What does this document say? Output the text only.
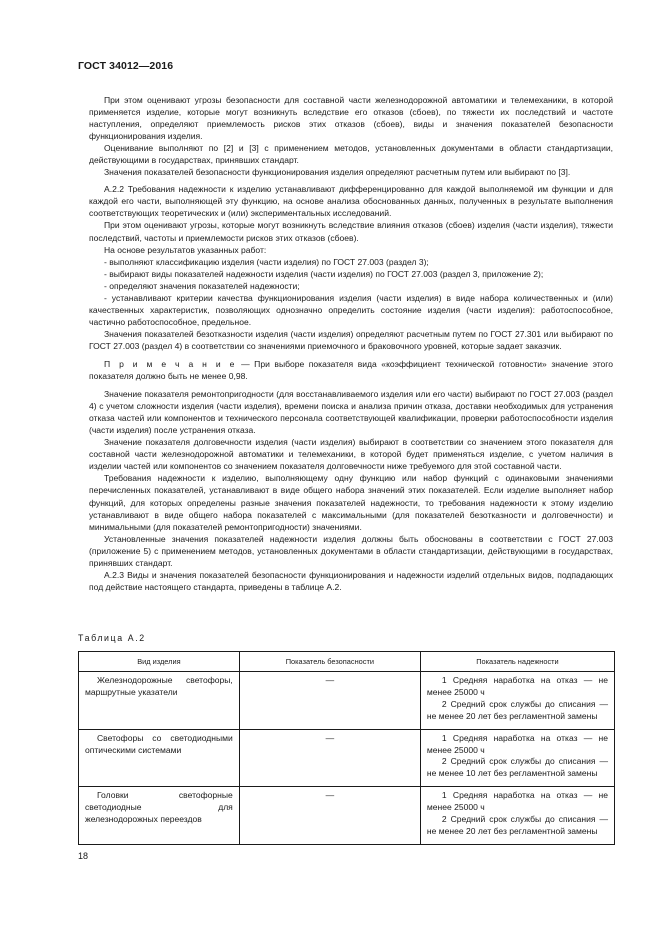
ГОСТ 34012—2016

При этом оценивают угрозы безопасности для составной части железнодорожной автоматики и телемеханики, в которой применяется изделие, которые могут возникнуть вследствие его отказов (сбоев), по тяжести их последствий и частоте наступления, определяют приемлемость рисков этих отказов (сбоев), виды и значения показателей безопасности функционирования изделия.

Оценивание выполняют по [2] и [3] с применением методов, установленных документами в области стандартизации, действующими в государствах, принявших стандарт.

Значения показателей безопасности функционирования изделия определяют расчетным путем или выбирают по [3].

А.2.2 Требования надежности к изделию устанавливают дифференцированно для каждой выполняемой им функции и для каждой его части, выполняющей эту функцию, на основе анализа обоснованных данных, полученных в результате выполнения соответствующих теоретических и (или) экспериментальных исследований.

При этом оценивают угрозы, которые могут возникнуть вследствие влияния отказов (сбоев) изделия (части изделия), тяжести последствий, частоты и приемлемости рисков этих отказов (сбоев).

На основе результатов указанных работ:

- выполняют классификацию изделия (части изделия) по ГОСТ 27.003 (раздел 3);

- выбирают виды показателей надежности изделия (части изделия) по ГОСТ 27.003 (раздел 3, приложение 2);

- определяют значения показателей надежности;

- устанавливают критерии качества функционирования изделия (части изделия) в виде набора количественных и (или) качественных характеристик, позволяющих однозначно определить состояние изделия (части изделия): работоспособное, частично работоспособное, предельное.

Значения показателей безотказности изделия (части изделия) определяют расчетным путем по ГОСТ 27.301 или выбирают по ГОСТ 27.003 (раздел 4) в соответствии со значениями приемочного и браковочного уровней, которые задает заказчик.

П р и м е ч а н и е — При выборе показателя вида «коэффициент технической готовности» значение этого показателя должно быть не менее 0,98.

Значение показателя ремонтопригодности (для восстанавливаемого изделия или его части) выбирают по ГОСТ 27.003 (раздел 4) с учетом сложности изделия (части изделия), времени поиска и анализа причин отказа, доставки необходимых для устранения отказа частей или компонентов и технического персонала соответствующей квалификации, проверки работоспособности изделия (части изделия) после устранения отказа.

Значение показателя долговечности изделия (части изделия) выбирают в соответствии со значением этого показателя для составной части железнодорожной автоматики и телемеханики, в которой будет применяться изделие, с учетом наличия в изделии частей или компонентов со значением показателя долговечности ниже требуемого для этой составной части.

Требования надежности к изделию, выполняющему одну функцию или набор функций с одинаковыми значениями перечисленных показателей, устанавливают в виде общего набора значений этих показателей. Если изделие выполняет набор функций, для которых определены разные значения показателей надежности, то требования надежности к этому изделию устанавливают в виде общего набора показателей с максимальными (для показателей безотказности и долговечности) и минимальными (для показателей ремонтопригодности) значениями.

Установленные значения показателей надежности изделия должны быть обоснованы в соответствии с ГОСТ 27.003 (приложение 5) с применением методов, установленных документами в области стандартизации, действующими в государствах, принявших стандарт.

А.2.3 Виды и значения показателей безопасности функционирования и надежности изделий отдельных видов, подпадающих под действие настоящего стандарта, приведены в таблице А.2.

Таблица А.2
Вид изделия	Показатель безопасности	Показатель надежности
Железнодорожные светофоры, маршрутные указатели	—	1 Средняя наработка на отказ — не менее 25000 ч

2 Средний срок службы до списания — не менее 20 лет без регламентной замены

Светофоры со светодиодными оптическими системами	—	1 Средняя наработка на отказ — не менее 25000 ч

2 Средний срок службы до списания — не менее 10 лет без регламентной замены

Головки светофорные светодиодные для железнодорожных переездов	—	1 Средняя наработка на отказ — не менее 25000 ч

2 Средний срок службы до списания — не менее 20 лет без регламентной замены

18
